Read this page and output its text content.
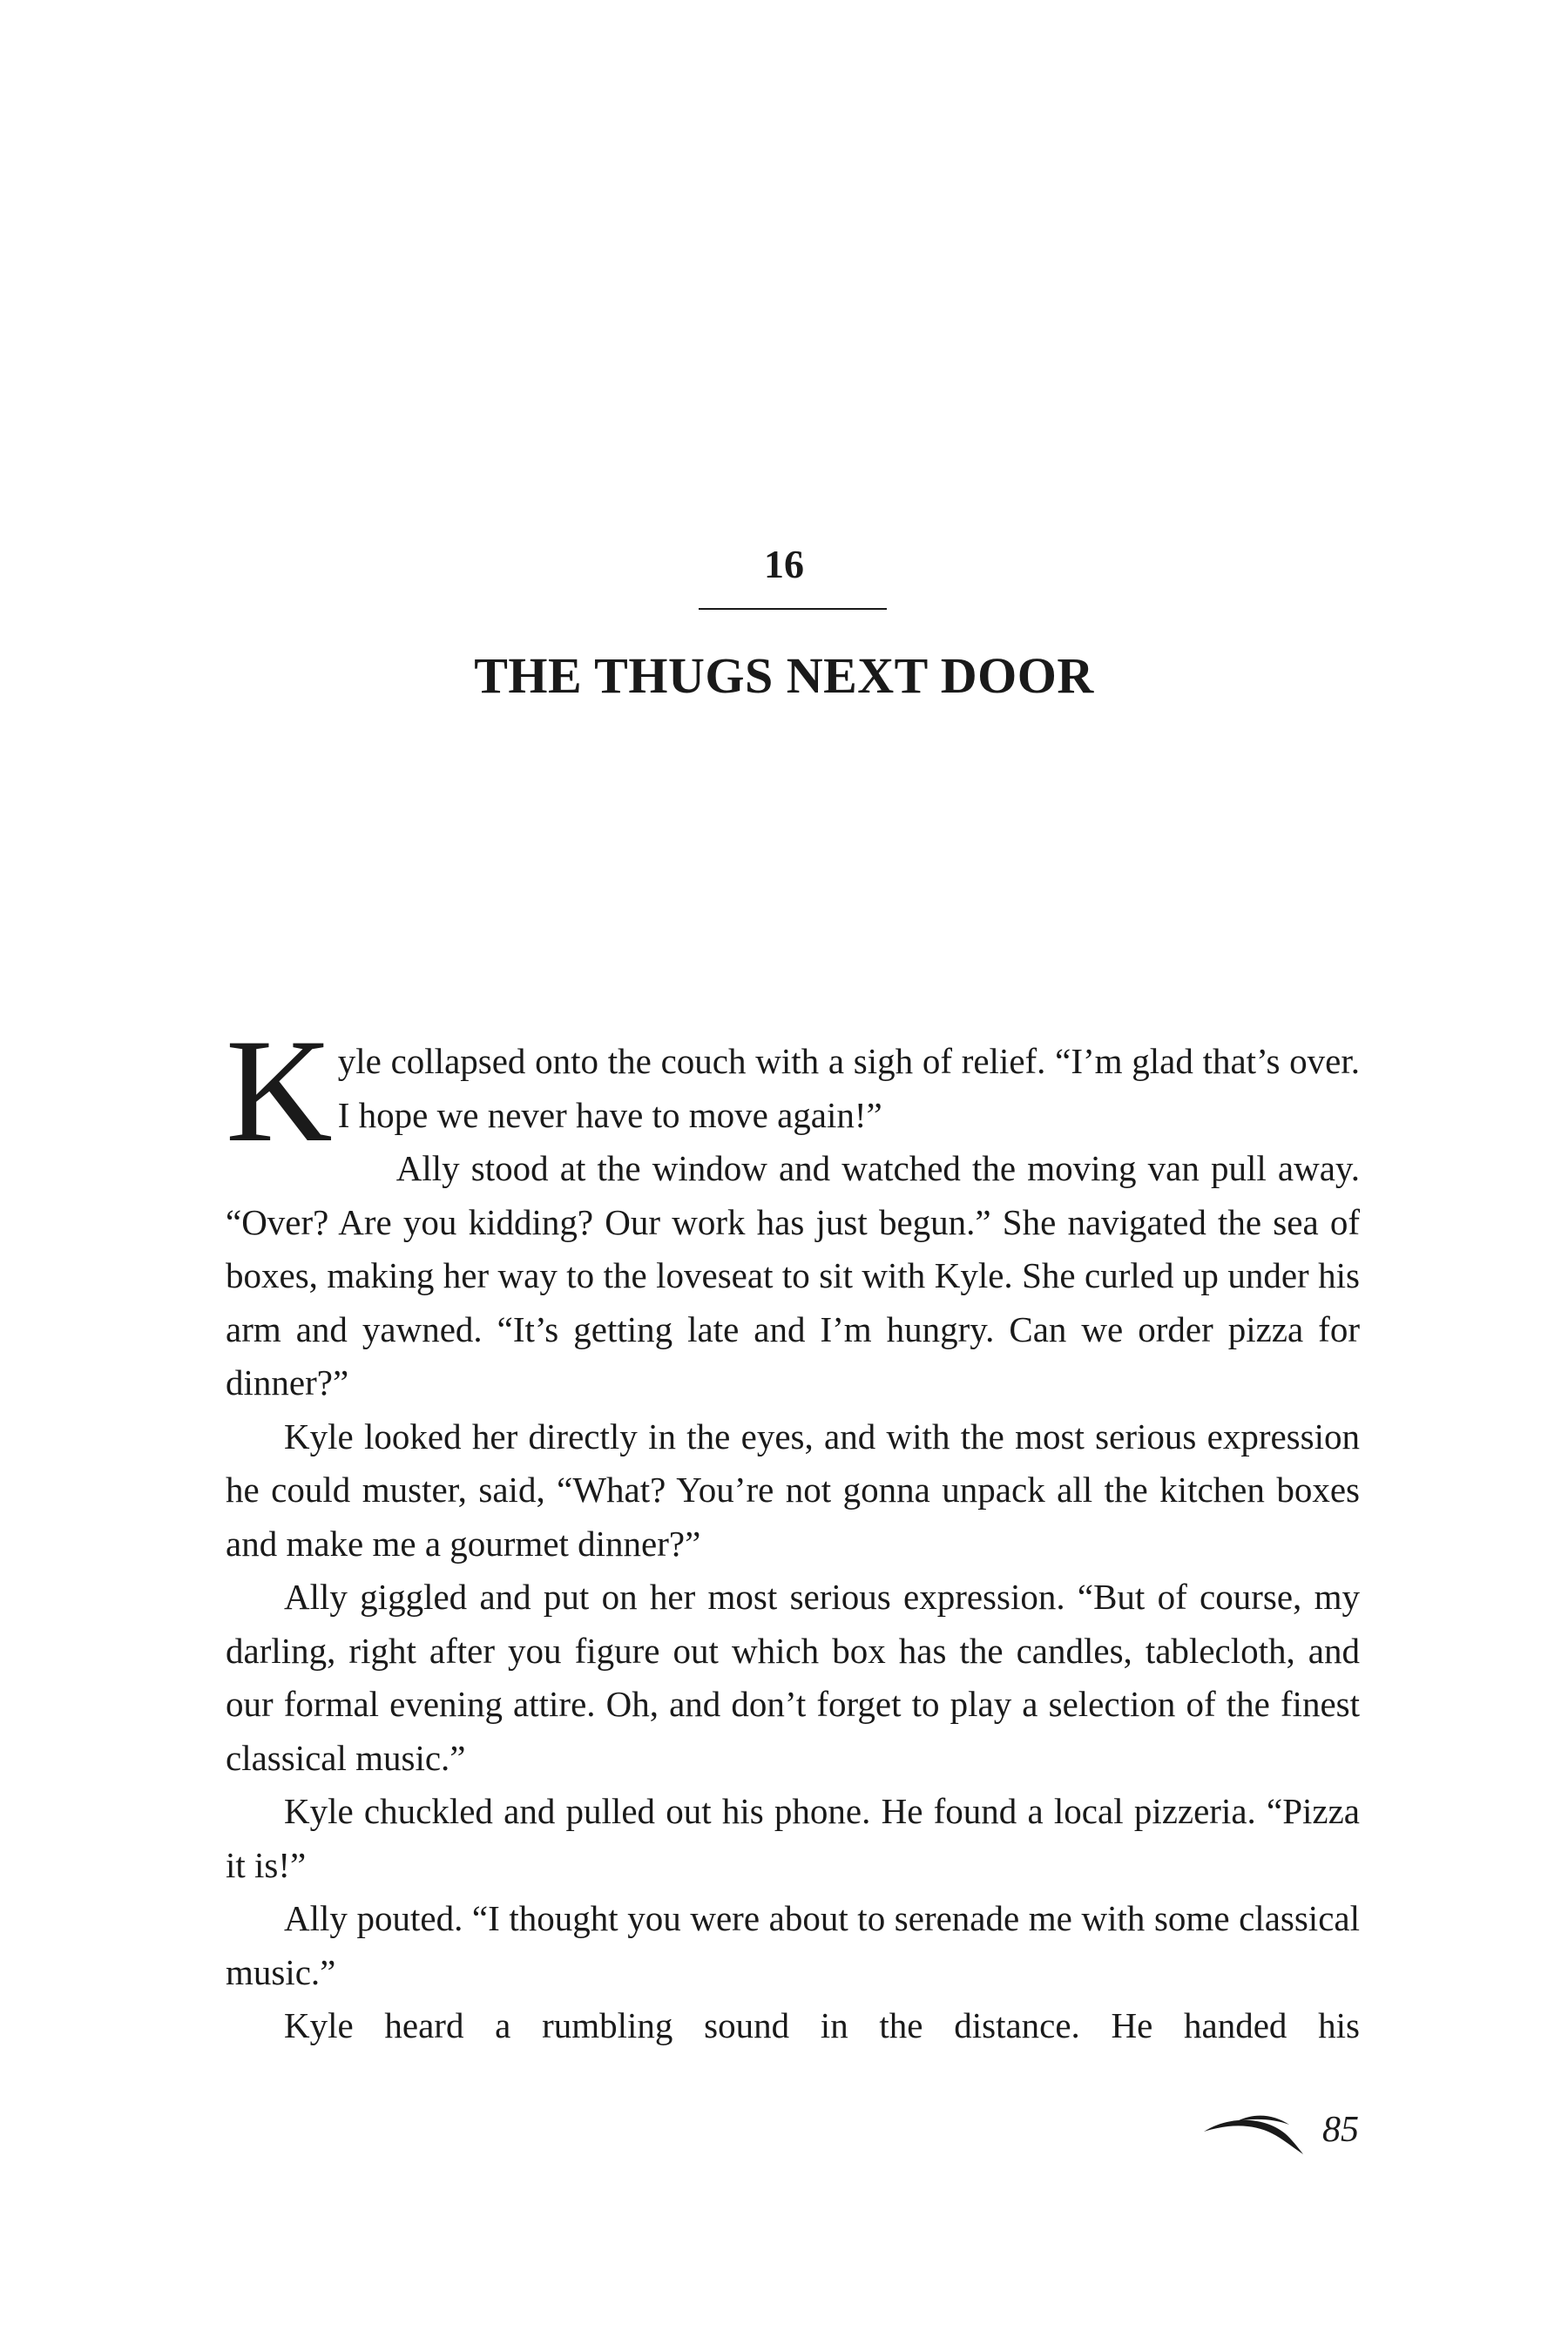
16
THE THUGS NEXT DOOR

Kyle collapsed onto the couch with a sigh of relief. “I’m glad that’s over. I hope we never have to move again!”

Ally stood at the window and watched the moving van pull away. “Over? Are you kidding? Our work has just begun.” She navigated the sea of boxes, making her way to the loveseat to sit with Kyle. She curled up under his arm and yawned. “It’s getting late and I’m hungry. Can we order pizza for dinner?”

Kyle looked her directly in the eyes, and with the most serious expression he could muster, said, “What? You’re not gonna unpack all the kitchen boxes and make me a gourmet dinner?”

Ally giggled and put on her most serious expression. “But of course, my darling, right after you figure out which box has the candles, tablecloth, and our formal evening attire. Oh, and don’t forget to play a selection of the finest classical music.”

Kyle chuckled and pulled out his phone. He found a local pizzeria. “Pizza it is!”

Ally pouted. “I thought you were about to serenade me with some classical music.”

Kyle heard a rumbling sound in the distance. He handed his

85
